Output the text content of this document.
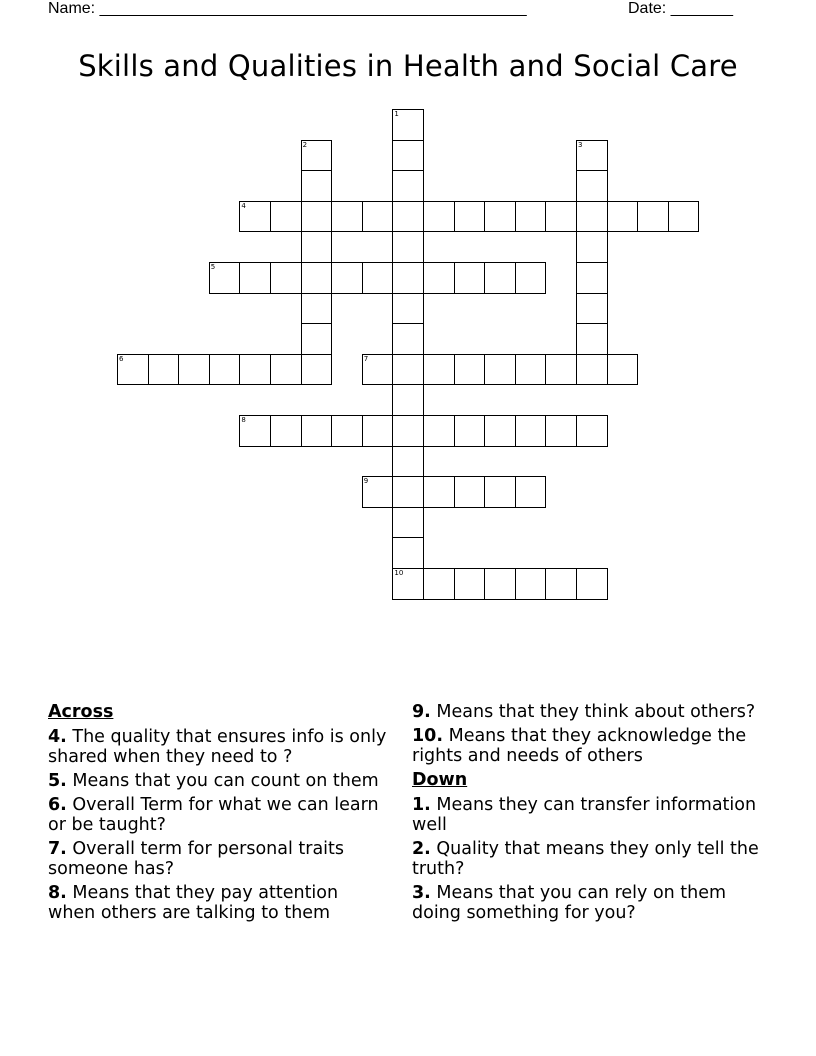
Name: ________________________________________________	Date: _______
Skills and Qualities in Health and Social Care
1
10
2	3
4
5
6	7
8
9
Across
4. The quality that ensures info is only shared when they need to ?
5. Means that you can count on them
6. Overall Term for what we can learn or be taught?
7. Overall term for personal traits someone has?
8. Means that they pay attention when others are talking to them
9. Means that they think about others?
10. Means that they acknowledge the rights and needs of others
Down
1. Means they can transfer information well
2. Quality that means they only tell the truth?
3. Means that you can rely on them doing something for you?
